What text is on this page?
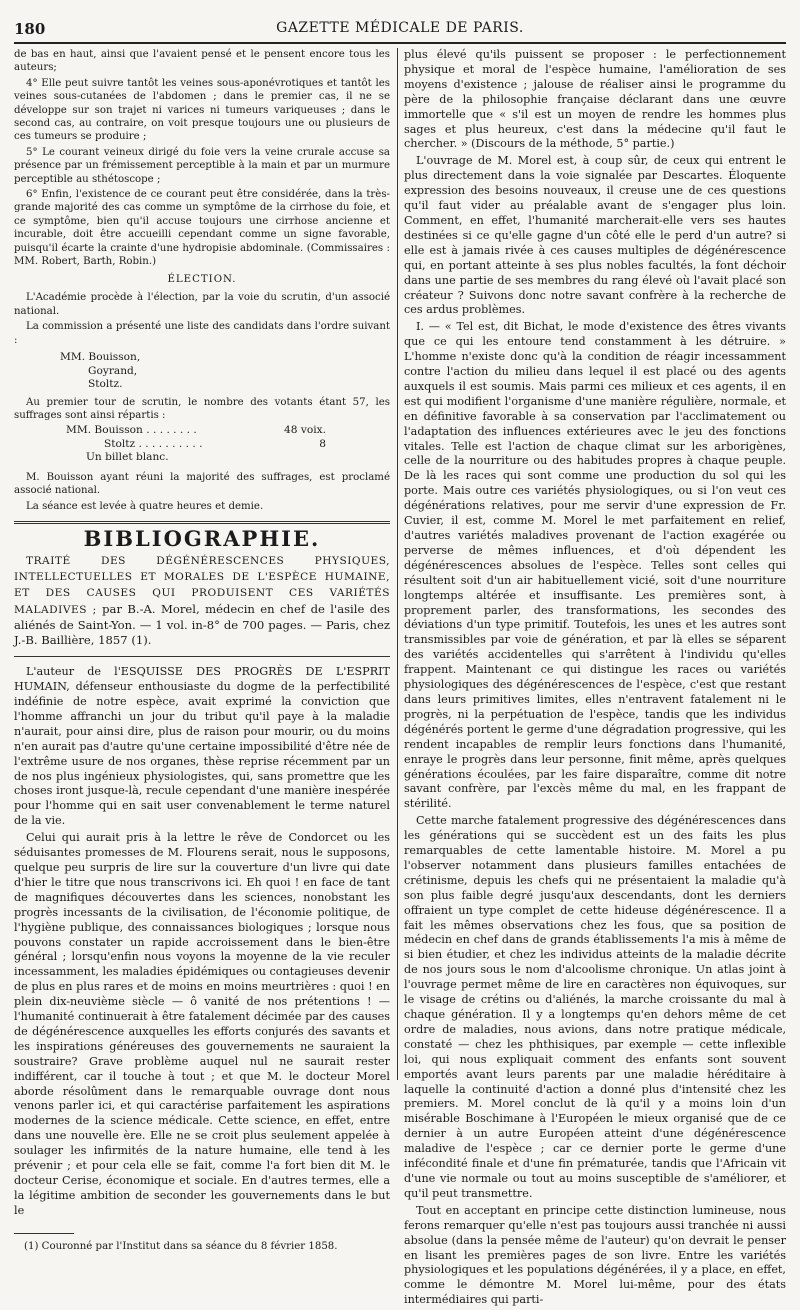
180	GAZETTE MÉDICALE DE PARIS.

de bas en haut, ainsi que l'avaient pensé et le pensent encore tous les auteurs;

4° Elle peut suivre tantôt les veines sous-aponévrotiques et tantôt les veines sous-cutanées de l'abdomen ; dans le premier cas, il ne se développe sur son trajet ni varices ni tumeurs variqueuses ; dans le second cas, au contraire, on voit presque toujours une ou plusieurs de ces tumeurs se produire ;

5° Le courant veineux dirigé du foie vers la veine crurale accuse sa présence par un frémissement perceptible à la main et par un murmure perceptible au sthétoscope ;

6° Enfin, l'existence de ce courant peut être considérée, dans la très-grande majorité des cas comme un symptôme de la cirrhose du foie, et ce symptôme, bien qu'il accuse toujours une cirrhose ancienne et incurable, doit être accueilli cependant comme un signe favorable, puisqu'il écarte la crainte d'une hydropisie abdominale. (Commissaires : MM. Robert, Barth, Robin.)

ÉLECTION.

L'Académie procède à l'élection, par la voie du scrutin, d'un associé national.

La commission a présenté une liste des candidats dans l'ordre suivant :

MM. Bouisson,
Goyrand,
Stoltz.

Au premier tour de scrutin, le nombre des votants étant 57, les suffrages sont ainsi répartis :

MM. Bouisson . . . . . . . .	48 voix.
Stoltz . . . . . . . . . .	8
Un billet blanc.

M. Bouisson ayant réuni la majorité des suffrages, est proclamé associé national.

La séance est levée à quatre heures et demie.

BIBLIOGRAPHIE.

TRAITÉ DES DÉGÉNÉRESCENCES PHYSIQUES, INTELLECTUELLES ET MORALES DE L'ESPÈCE HUMAINE, ET DES CAUSES QUI PRODUISENT CES VARIÉTÉS MALADIVES ; par B.-A. Morel, médecin en chef de l'asile des aliénés de Saint-Yon. — 1 vol. in-8° de 700 pages. — Paris, chez J.-B. Baillière, 1857 (1).

L'auteur de l'ESQUISSE DES PROGRÈS DE L'ESPRIT HUMAIN, défenseur enthousiaste du dogme de la perfectibilité indéfinie de notre espèce, avait exprimé la conviction que l'homme affranchi un jour du tribut qu'il paye à la maladie n'aurait, pour ainsi dire, plus de raison pour mourir, ou du moins n'en aurait pas d'autre qu'une certaine impossibilité d'être née de l'extrême usure de nos organes, thèse reprise récemment par un de nos plus ingénieux physiologistes, qui, sans promettre que les choses iront jusque-là, recule cependant d'une manière inespérée pour l'homme qui en sait user convenablement le terme naturel de la vie.

Celui qui aurait pris à la lettre le rêve de Condorcet ou les séduisantes promesses de M. Flourens serait, nous le supposons, quelque peu surpris de lire sur la couverture d'un livre qui date d'hier le titre que nous transcrivons ici. Eh quoi ! en face de tant de magnifiques découvertes dans les sciences, nonobstant les progrès incessants de la civilisation, de l'économie politique, de l'hygiène publique, des connaissances biologiques ; lorsque nous pouvons constater un rapide accroissement dans le bien-être général ; lorsqu'enfin nous voyons la moyenne de la vie reculer incessamment, les maladies épidémiques ou contagieuses devenir de plus en plus rares et de moins en moins meurtrières : quoi ! en plein dix-neuvième siècle — ô vanité de nos prétentions ! —l'humanité continuerait à être fatalement décimée par des causes de dégénérescence auxquelles les efforts conjurés des savants et les inspirations généreuses des gouvernements ne sauraient la soustraire? Grave problème auquel nul ne saurait rester indifférent, car il touche à tout ; et que M. le docteur Morel aborde résolûment dans le remarquable ouvrage dont nous venons parler ici, et qui caractérise parfaitement les aspirations modernes de la science médicale. Cette science, en effet, entre dans une nouvelle ère. Elle ne se croit plus seulement appelée à soulager les infirmités de la nature humaine, elle tend à les prévenir ; et pour cela elle se fait, comme l'a fort bien dit M. le docteur Cerise, économique et sociale. En d'autres termes, elle a la légitime ambition de seconder les gouvernements dans le but le

(1) Couronné par l'Institut dans sa séance du 8 février 1858.

plus élevé qu'ils puissent se proposer : le perfectionnement physique et moral de l'espèce humaine, l'amélioration de ses moyens d'existence ; jalouse de réaliser ainsi le programme du père de la philosophie française déclarant dans une œuvre immortelle que « s'il est un moyen de rendre les hommes plus sages et plus heureux, c'est dans la médecine qu'il faut le chercher. » (Discours de la méthode, 5° partie.)

L'ouvrage de M. Morel est, à coup sûr, de ceux qui entrent le plus directement dans la voie signalée par Descartes. Éloquente expression des besoins nouveaux, il creuse une de ces questions qu'il faut vider au préalable avant de s'engager plus loin. Comment, en effet, l'humanité marcherait-elle vers ses hautes destinées si ce qu'elle gagne d'un côté elle le perd d'un autre? si elle est à jamais rivée à ces causes multiples de dégénérescence qui, en portant atteinte à ses plus nobles facultés, la font déchoir dans une partie de ses membres du rang élevé où l'avait placé son créateur ? Suivons donc notre savant confrère à la recherche de ces ardus problèmes.

I. — « Tel est, dit Bichat, le mode d'existence des êtres vivants que ce qui les entoure tend constamment à les détruire. » L'homme n'existe donc qu'à la condition de réagir incessamment contre l'action du milieu dans lequel il est placé ou des agents auxquels il est soumis. Mais parmi ces milieux et ces agents, il en est qui modifient l'organisme d'une manière régulière, normale, et en définitive favorable à sa conservation par l'acclimatement ou l'adaptation des influences extérieures avec le jeu des fonctions vitales. Telle est l'action de chaque climat sur les arborigènes, celle de la nourriture ou des habitudes propres à chaque peuple. De là les races qui sont comme une production du sol qui les porte. Mais outre ces variétés physiologiques, ou si l'on veut ces dégénérations relatives, pour me servir d'une expression de Fr. Cuvier, il est, comme M. Morel le met parfaitement en relief, d'autres variétés maladives provenant de l'action exagérée ou perverse de mêmes influences, et d'où dépendent les dégénérescences absolues de l'espèce. Telles sont celles qui résultent soit d'un air habituellement vicié, soit d'une nourriture longtemps altérée et insuffisante. Les premières sont, à proprement parler, des transformations, les secondes des déviations d'un type primitif. Toutefois, les unes et les autres sont transmissibles par voie de génération, et par là elles se séparent des variétés accidentelles qui s'arrêtent à l'individu qu'elles frappent. Maintenant ce qui distingue les races ou variétés physiologiques des dégénérescences de l'espèce, c'est que restant dans leurs primitives limites, elles n'entravent fatalement ni le progrès, ni la perpétuation de l'espèce, tandis que les individus dégénérés portent le germe d'une dégradation progressive, qui les rendent incapables de remplir leurs fonctions dans l'humanité, enraye le progrès dans leur personne, finit même, après quelques générations écoulées, par les faire disparaître, comme dit notre savant confrère, par l'excès même du mal, en les frappant de stérilité.

Cette marche fatalement progressive des dégénérescences dans les générations qui se succèdent est un des faits les plus remarquables de cette lamentable histoire. M. Morel a pu l'observer notamment dans plusieurs familles entachées de crétinisme, depuis les chefs qui ne présentaient la maladie qu'à son plus faible degré jusqu'aux descendants, dont les derniers offraient un type complet de cette hideuse dégénérescence. Il a fait les mêmes observations chez les fous, que sa position de médecin en chef dans de grands établissements l'a mis à même de si bien étudier, et chez les individus atteints de la maladie décrite de nos jours sous le nom d'alcoolisme chronique. Un atlas joint à l'ouvrage permet même de lire en caractères non équivoques, sur le visage de crétins ou d'aliénés, la marche croissante du mal à chaque génération. Il y a longtemps qu'en dehors même de cet ordre de maladies, nous avions, dans notre pratique médicale, constaté — chez les phthisiques, par exemple — cette inflexible loi, qui nous expliquait comment des enfants sont souvent emportés avant leurs parents par une maladie héréditaire à laquelle la continuité d'action a donné plus d'intensité chez les premiers. M. Morel conclut de là qu'il y a moins loin d'un misérable Boschimane à l'Européen le mieux organisé que de ce dernier à un autre Européen atteint d'une dégénérescence maladive de l'espèce ; car ce dernier porte le germe d'une infécondité finale et d'une fin prématurée, tandis que l'Africain vit d'une vie normale ou tout au moins susceptible de s'améliorer, et qu'il peut transmettre.

Tout en acceptant en principe cette distinction lumineuse, nous ferons remarquer qu'elle n'est pas toujours aussi tranchée ni aussi absolue (dans la pensée même de l'auteur) qu'on devrait le penser en lisant les premières pages de son livre. Entre les variétés physiologiques et les populations dégénérées, il y a place, en effet, comme le démontre M. Morel lui-même, pour des états intermédiaires qui parti-
